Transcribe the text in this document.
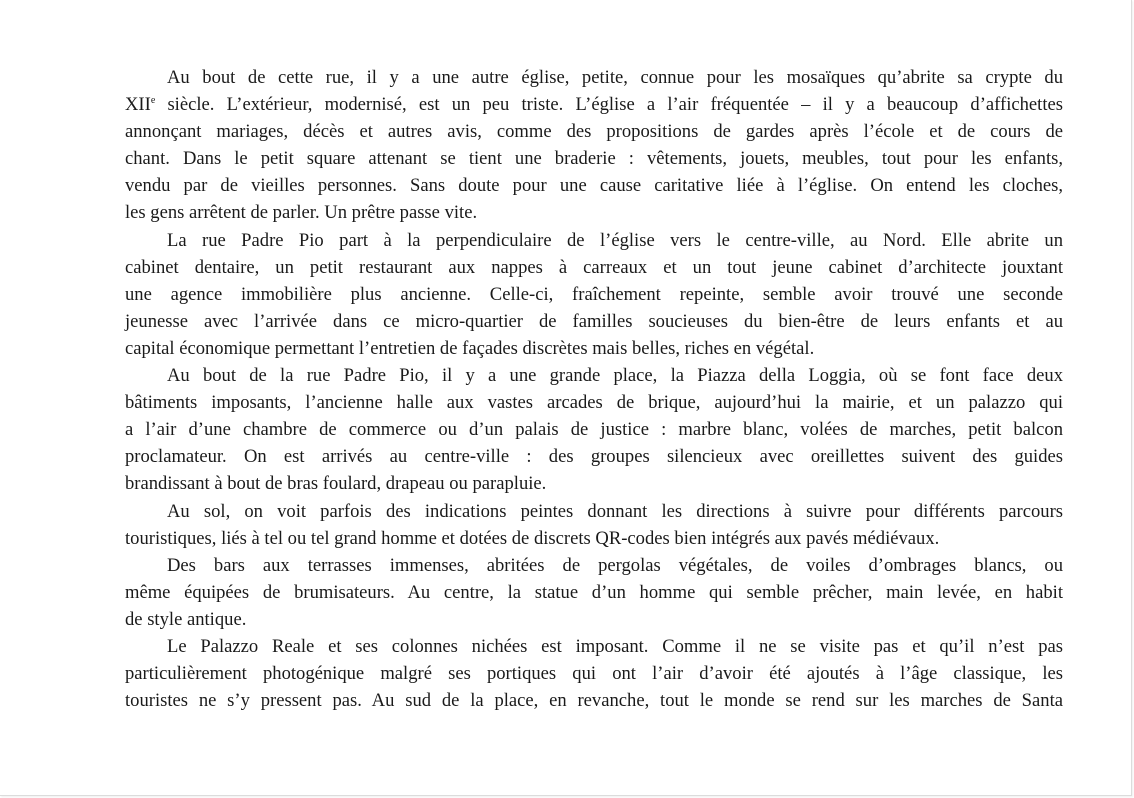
Au bout de cette rue, il y a une autre église, petite, connue pour les mosaïques qu’abrite sa crypte du
XIIe siècle. L’extérieur, modernisé, est un peu triste. L’église a l’air fréquentée – il y a beaucoup d’affichettes
annonçant mariages, décès et autres avis, comme des propositions de gardes après l’école et de cours de
chant. Dans le petit square attenant se tient une braderie : vêtements, jouets, meubles, tout pour les enfants,
vendu par de vieilles personnes. Sans doute pour une cause caritative liée à l’église. On entend les cloches,
les gens arrêtent de parler. Un prêtre passe vite.
La rue Padre Pio part à la perpendiculaire de l’église vers le centre-ville, au Nord. Elle abrite un
cabinet dentaire, un petit restaurant aux nappes à carreaux et un tout jeune cabinet d’architecte jouxtant
une agence immobilière plus ancienne. Celle-ci, fraîchement repeinte, semble avoir trouvé une seconde
jeunesse avec l’arrivée dans ce micro-quartier de familles soucieuses du bien-être de leurs enfants et au
capital économique permettant l’entretien de façades discrètes mais belles, riches en végétal.
Au bout de la rue Padre Pio, il y a une grande place, la Piazza della Loggia, où se font face deux
bâtiments imposants, l’ancienne halle aux vastes arcades de brique, aujourd’hui la mairie, et un palazzo qui
a l’air d’une chambre de commerce ou d’un palais de justice : marbre blanc, volées de marches, petit balcon
proclamateur. On est arrivés au centre-ville : des groupes silencieux avec oreillettes suivent des guides
brandissant à bout de bras foulard, drapeau ou parapluie.
Au sol, on voit parfois des indications peintes donnant les directions à suivre pour différents parcours
touristiques, liés à tel ou tel grand homme et dotées de discrets QR-codes bien intégrés aux pavés médiévaux.
Des bars aux terrasses immenses, abritées de pergolas végétales, de voiles d’ombrages blancs, ou
même équipées de brumisateurs. Au centre, la statue d’un homme qui semble prêcher, main levée, en habit
de style antique.
Le Palazzo Reale et ses colonnes nichées est imposant. Comme il ne se visite pas et qu’il n’est pas
particulièrement photogénique malgré ses portiques qui ont l’air d’avoir été ajoutés à l’âge classique, les
touristes ne s’y pressent pas. Au sud de la place, en revanche, tout le monde se rend sur les marches de Santa
